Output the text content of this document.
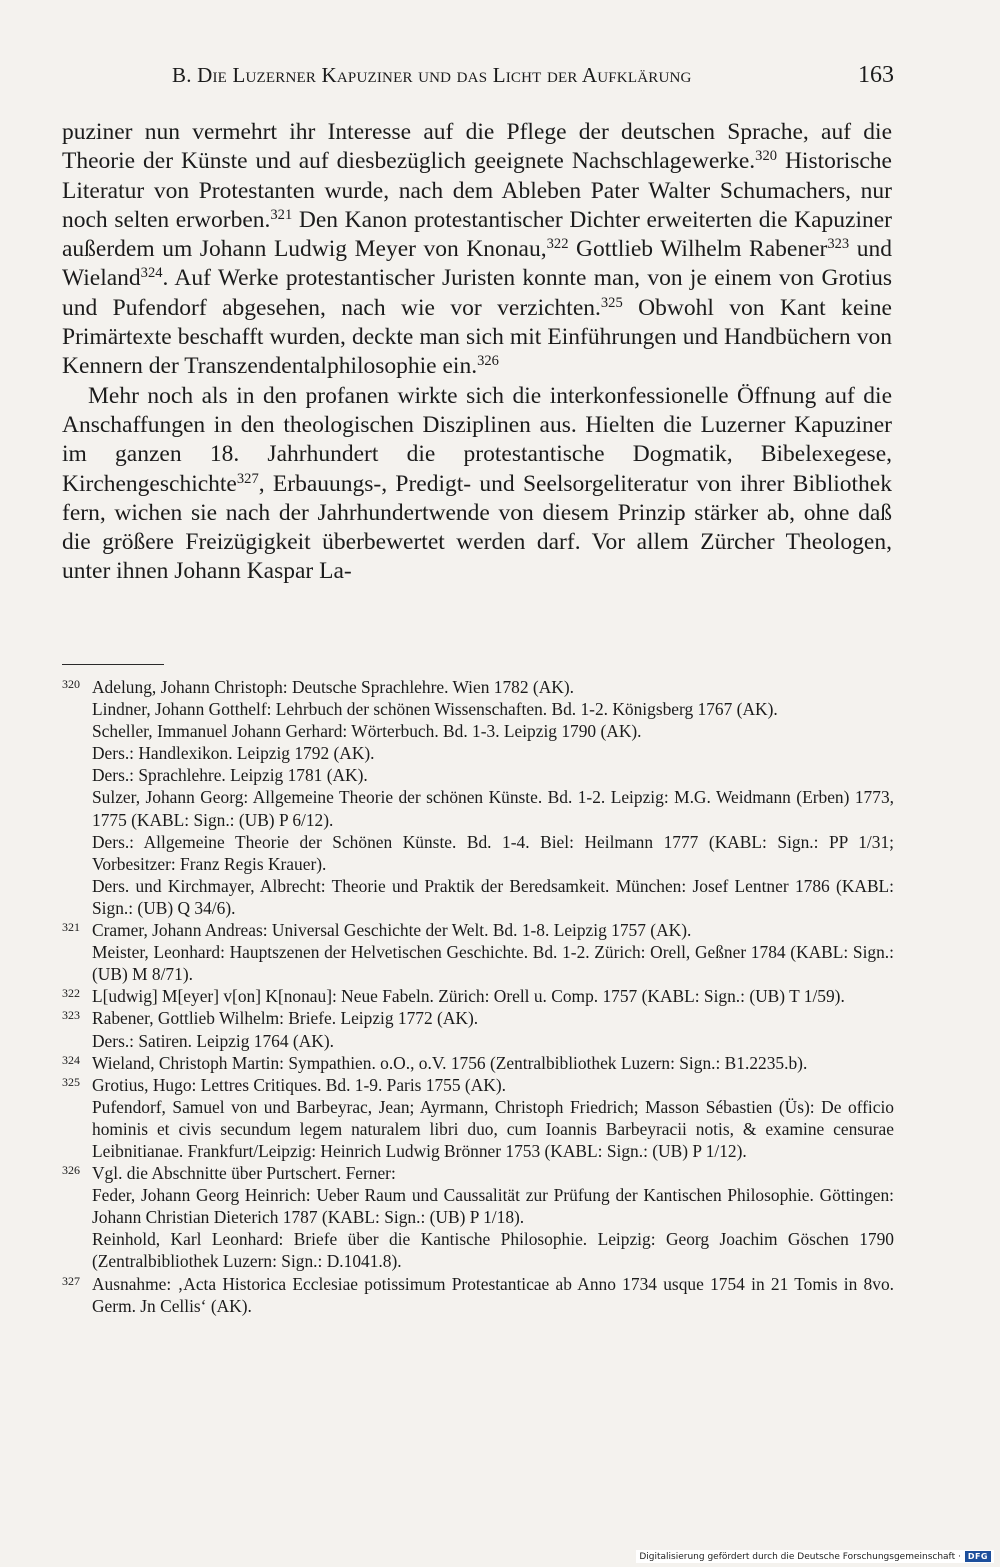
B. Die Luzerner Kapuziner und das Licht der Aufklärung	163

puziner nun vermehrt ihr Interesse auf die Pflege der deutschen Sprache, auf die Theorie der Künste und auf diesbezüglich geeignete Nachschlagewerke.$^{320}$ Historische Literatur von Protestanten wurde, nach dem Ableben Pater Walter Schumachers, nur noch selten erworben.$^{321}$ Den Kanon protestantischer Dichter erweiterten die Kapuziner außerdem um Johann Ludwig Meyer von Knonau,$^{322}$ Gottlieb Wilhelm Rabener$^{323}$ und Wieland$^{324}$. Auf Werke protestantischer Juristen konnte man, von je einem von Grotius und Pufendorf abgesehen, nach wie vor verzichten.$^{325}$ Obwohl von Kant keine Primärtexte beschafft wurden, deckte man sich mit Einführungen und Handbüchern von Kennern der Transzendentalphilosophie ein.$^{326}$

Mehr noch als in den profanen wirkte sich die interkonfessionelle Öffnung auf die Anschaffungen in den theologischen Disziplinen aus. Hielten die Luzerner Kapuziner im ganzen 18. Jahrhundert die protestantische Dogmatik, Bibelexegese, Kirchengeschichte$^{327}$, Erbauungs-, Predigt- und Seelsorgeliteratur von ihrer Bibliothek fern, wichen sie nach der Jahrhundertwende von diesem Prinzip stärker ab, ohne daß die größere Freizügigkeit überbewertet werden darf. Vor allem Zürcher Theologen, unter ihnen Johann Kaspar La-

320 Adelung, Johann Christoph: Deutsche Sprachlehre. Wien 1782 (AK).
Lindner, Johann Gotthelf: Lehrbuch der schönen Wissenschaften. Bd. 1-2. Königsberg 1767 (AK).
Scheller, Immanuel Johann Gerhard: Wörterbuch. Bd. 1-3. Leipzig 1790 (AK).
Ders.: Handlexikon. Leipzig 1792 (AK).
Ders.: Sprachlehre. Leipzig 1781 (AK).
Sulzer, Johann Georg: Allgemeine Theorie der schönen Künste. Bd. 1-2. Leipzig: M.G. Weidmann (Erben) 1773, 1775 (KABL: Sign.: (UB) P 6/12).
Ders.: Allgemeine Theorie der Schönen Künste. Bd. 1-4. Biel: Heilmann 1777 (KABL: Sign.: PP 1/31; Vorbesitzer: Franz Regis Krauer).
Ders. und Kirchmayer, Albrecht: Theorie und Praktik der Beredsamkeit. München: Josef Lentner 1786 (KABL: Sign.: (UB) Q 34/6).
321 Cramer, Johann Andreas: Universal Geschichte der Welt. Bd. 1-8. Leipzig 1757 (AK).
Meister, Leonhard: Hauptszenen der Helvetischen Geschichte. Bd. 1-2. Zürich: Orell, Geßner 1784 (KABL: Sign.: (UB) M 8/71).
322 L[udwig] M[eyer] v[on] K[nonau]: Neue Fabeln. Zürich: Orell u. Comp. 1757 (KABL: Sign.: (UB) T 1/59).
323 Rabener, Gottlieb Wilhelm: Briefe. Leipzig 1772 (AK).
Ders.: Satiren. Leipzig 1764 (AK).
324 Wieland, Christoph Martin: Sympathien. o.O., o.V. 1756 (Zentralbibliothek Luzern: Sign.: B1.2235.b).
325 Grotius, Hugo: Lettres Critiques. Bd. 1-9. Paris 1755 (AK).
Pufendorf, Samuel von und Barbeyrac, Jean; Ayrmann, Christoph Friedrich; Masson Sébastien (Üs): De officio hominis et civis secundum legem naturalem libri duo, cum Ioannis Barbeyracii notis, & examine censurae Leibnitianae. Frankfurt/Leipzig: Heinrich Ludwig Brönner 1753 (KABL: Sign.: (UB) P 1/12).
326 Vgl. die Abschnitte über Purtschert. Ferner:
Feder, Johann Georg Heinrich: Ueber Raum und Caussalität zur Prüfung der Kantischen Philosophie. Göttingen: Johann Christian Dieterich 1787 (KABL: Sign.: (UB) P 1/18).
Reinhold, Karl Leonhard: Briefe über die Kantische Philosophie. Leipzig: Georg Joachim Göschen 1790 (Zentralbibliothek Luzern: Sign.: D.1041.8).
327 Ausnahme: ‚Acta Historica Ecclesiae potissimum Protestanticae ab Anno 1734 usque 1754 in 21 Tomis in 8vo. Germ. Jn Cellis‘ (AK).
Digitalisierung gefördert durch die Deutsche Forschungsgemeinschaft · DFG
